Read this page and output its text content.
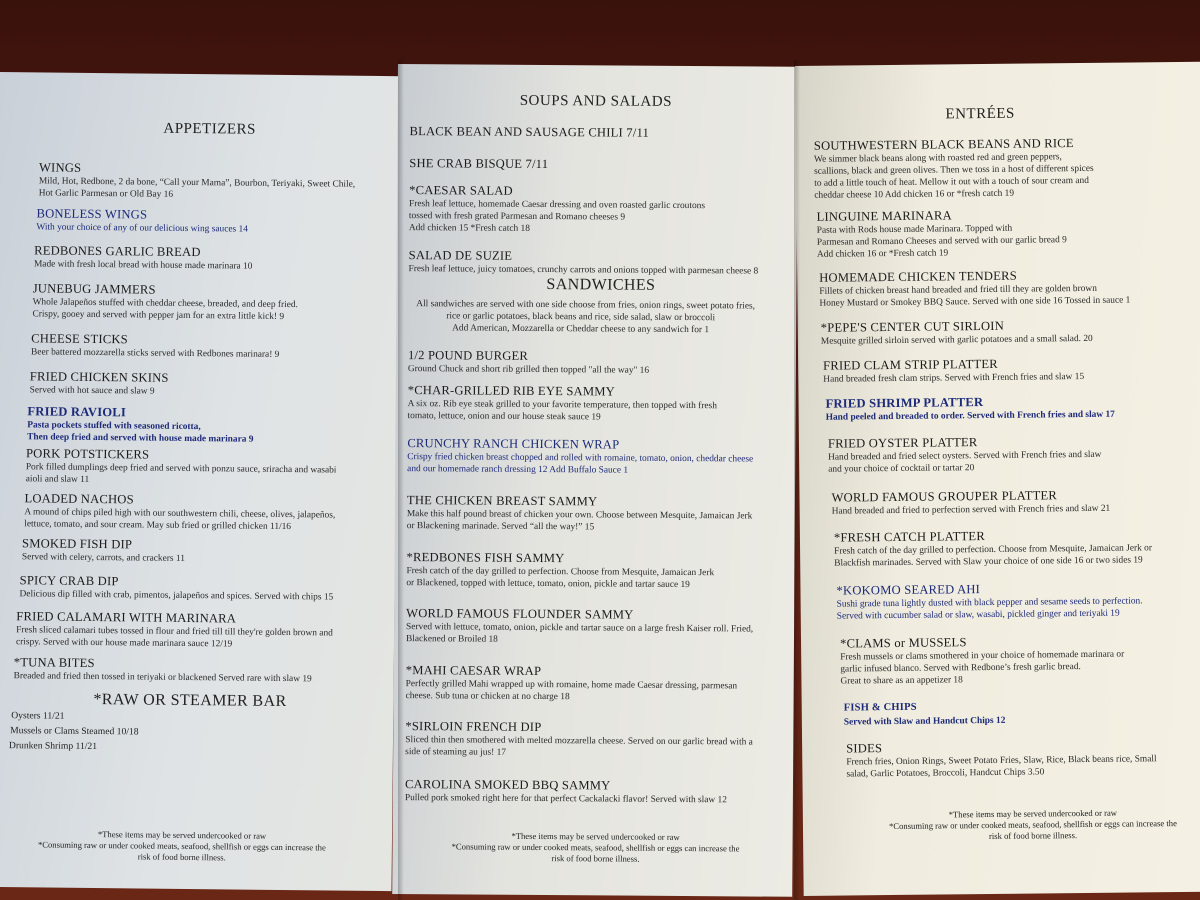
APPETIZERS
WINGS
Mild, Hot, Redbone, 2 da bone, “Call your Mama”, Bourbon, Teriyaki, Sweet Chile,
Hot Garlic Parmesan or Old Bay 16
BONELESS WINGS
With your choice of any of our delicious wing sauces 14
REDBONES GARLIC BREAD
Made with fresh local bread with house made marinara 10
JUNEBUG JAMMERS
Whole Jalapeños stuffed with cheddar cheese, breaded, and deep fried.
Crispy, gooey and served with pepper jam for an extra little kick! 9
CHEESE STICKS
Beer battered mozzarella sticks served with Redbones marinara! 9
FRIED CHICKEN SKINS
Served with hot sauce and slaw 9
FRIED RAVIOLI
Pasta pockets stuffed with seasoned ricotta,
Then deep fried and served with house made marinara 9
PORK POTSTICKERS
Pork filled dumplings deep fried and served with ponzu sauce, sriracha and wasabi
aioli and slaw 11
LOADED NACHOS
A mound of chips piled high with our southwestern chili, cheese, olives, jalapeños,
lettuce, tomato, and sour cream. May sub fried or grilled chicken 11/16
SMOKED FISH DIP
Served with celery, carrots, and crackers 11
SPICY CRAB DIP
Delicious dip filled with crab, pimentos, jalapeños and spices. Served with chips 15
FRIED CALAMARI WITH MARINARA
Fresh sliced calamari tubes tossed in flour and fried till till they're golden brown and
crispy. Served with our house made marinara sauce 12/19
*TUNA BITES
Breaded and fried then tossed in teriyaki or blackened Served rare with slaw 19
*RAW OR STEAMER BAR
Oysters 11/21
Mussels or Clams Steamed 10/18
Drunken Shrimp 11/21
*These items may be served undercooked or raw
*Consuming raw or under cooked meats, seafood, shellfish or eggs can increase the
risk of food borne illness.
SOUPS AND SALADS
BLACK BEAN AND SAUSAGE CHILI 7/11
SHE CRAB BISQUE 7/11
*CAESAR SALAD
Fresh leaf lettuce, homemade Caesar dressing and oven roasted garlic croutons
tossed with fresh grated Parmesan and Romano cheeses 9
Add chicken 15 *Fresh catch 18
SALAD DE SUZIE
Fresh leaf lettuce, juicy tomatoes, crunchy carrots and onions topped with parmesan cheese 8
SANDWICHES
All sandwiches are served with one side choose from fries, onion rings, sweet potato fries,
rice or garlic potatoes, black beans and rice, side salad, slaw or broccoli
Add American, Mozzarella or Cheddar cheese to any sandwich for 1
1/2 POUND BURGER
Ground Chuck and short rib grilled then topped "all the way" 16
*CHAR-GRILLED RIB EYE SAMMY
A six oz. Rib eye steak grilled to your favorite temperature, then topped with fresh
tomato, lettuce, onion and our house steak sauce 19
CRUNCHY RANCH CHICKEN WRAP
Crispy fried chicken breast chopped and rolled with romaine, tomato, onion, cheddar cheese
and our homemade ranch dressing 12 Add Buffalo Sauce 1
THE CHICKEN BREAST SAMMY
Make this half pound breast of chicken your own. Choose between Mesquite, Jamaican Jerk
or Blackening marinade. Served “all the way!” 15
*REDBONES FISH SAMMY
Fresh catch of the day grilled to perfection. Choose from Mesquite, Jamaican Jerk
or Blackened, topped with lettuce, tomato, onion, pickle and tartar sauce 19
WORLD FAMOUS FLOUNDER SAMMY
Served with lettuce, tomato, onion, pickle and tartar sauce on a large fresh Kaiser roll. Fried,
Blackened or Broiled 18
*MAHI CAESAR WRAP
Perfectly grilled Mahi wrapped up with romaine, home made Caesar dressing, parmesan
cheese. Sub tuna or chicken at no charge 18
*SIRLOIN FRENCH DIP
Sliced thin then smothered with melted mozzarella cheese. Served on our garlic bread with a
side of steaming au jus! 17
CAROLINA SMOKED BBQ SAMMY
Pulled pork smoked right here for that perfect Cackalacki flavor! Served with slaw 12
*These items may be served undercooked or raw
*Consuming raw or under cooked meats, seafood, shellfish or eggs can increase the
risk of food borne illness.
ENTRÉES
SOUTHWESTERN BLACK BEANS AND RICE
We simmer black beans along with roasted red and green peppers,
scallions, black and green olives. Then we toss in a host of different spices
to add a little touch of heat. Mellow it out with a touch of sour cream and
cheddar cheese 10 Add chicken 16 or *fresh catch 19
LINGUINE MARINARA
Pasta with Rods house made Marinara. Topped with
Parmesan and Romano Cheeses and served with our garlic bread 9
Add chicken 16 or *Fresh catch 19
HOMEMADE CHICKEN TENDERS
Fillets of chicken breast hand breaded and fried till they are golden brown
Honey Mustard or Smokey BBQ Sauce. Served with one side 16 Tossed in sauce 1
*PEPE'S CENTER CUT SIRLOIN
Mesquite grilled sirloin served with garlic potatoes and a small salad. 20
FRIED CLAM STRIP PLATTER
Hand breaded fresh clam strips. Served with French fries and slaw 15
FRIED SHRIMP PLATTER
Hand peeled and breaded to order. Served with French fries and slaw 17
FRIED OYSTER PLATTER
Hand breaded and fried select oysters. Served with French fries and slaw
and your choice of cocktail or tartar 20
WORLD FAMOUS GROUPER PLATTER
Hand breaded and fried to perfection served with French fries and slaw 21
*FRESH CATCH PLATTER
Fresh catch of the day grilled to perfection. Choose from Mesquite, Jamaican Jerk or
Blackfish marinades. Served with Slaw your choice of one side 16 or two sides 19
*KOKOMO SEARED AHI
Sushi grade tuna lightly dusted with black pepper and sesame seeds to perfection.
Served with cucumber salad or slaw, wasabi, pickled ginger and teriyaki 19
*CLAMS or MUSSELS
Fresh mussels or clams smothered in your choice of homemade marinara or
garlic infused blanco. Served with Redbone’s fresh garlic bread.
Great to share as an appetizer 18
FISH & CHIPS
Served with Slaw and Handcut Chips 12
SIDES
French fries, Onion Rings, Sweet Potato Fries, Slaw, Rice, Black beans rice, Small
salad, Garlic Potatoes, Broccoli, Handcut Chips 3.50
*These items may be served undercooked or raw
*Consuming raw or under cooked meats, seafood, shellfish or eggs can increase the
risk of food borne illness.
